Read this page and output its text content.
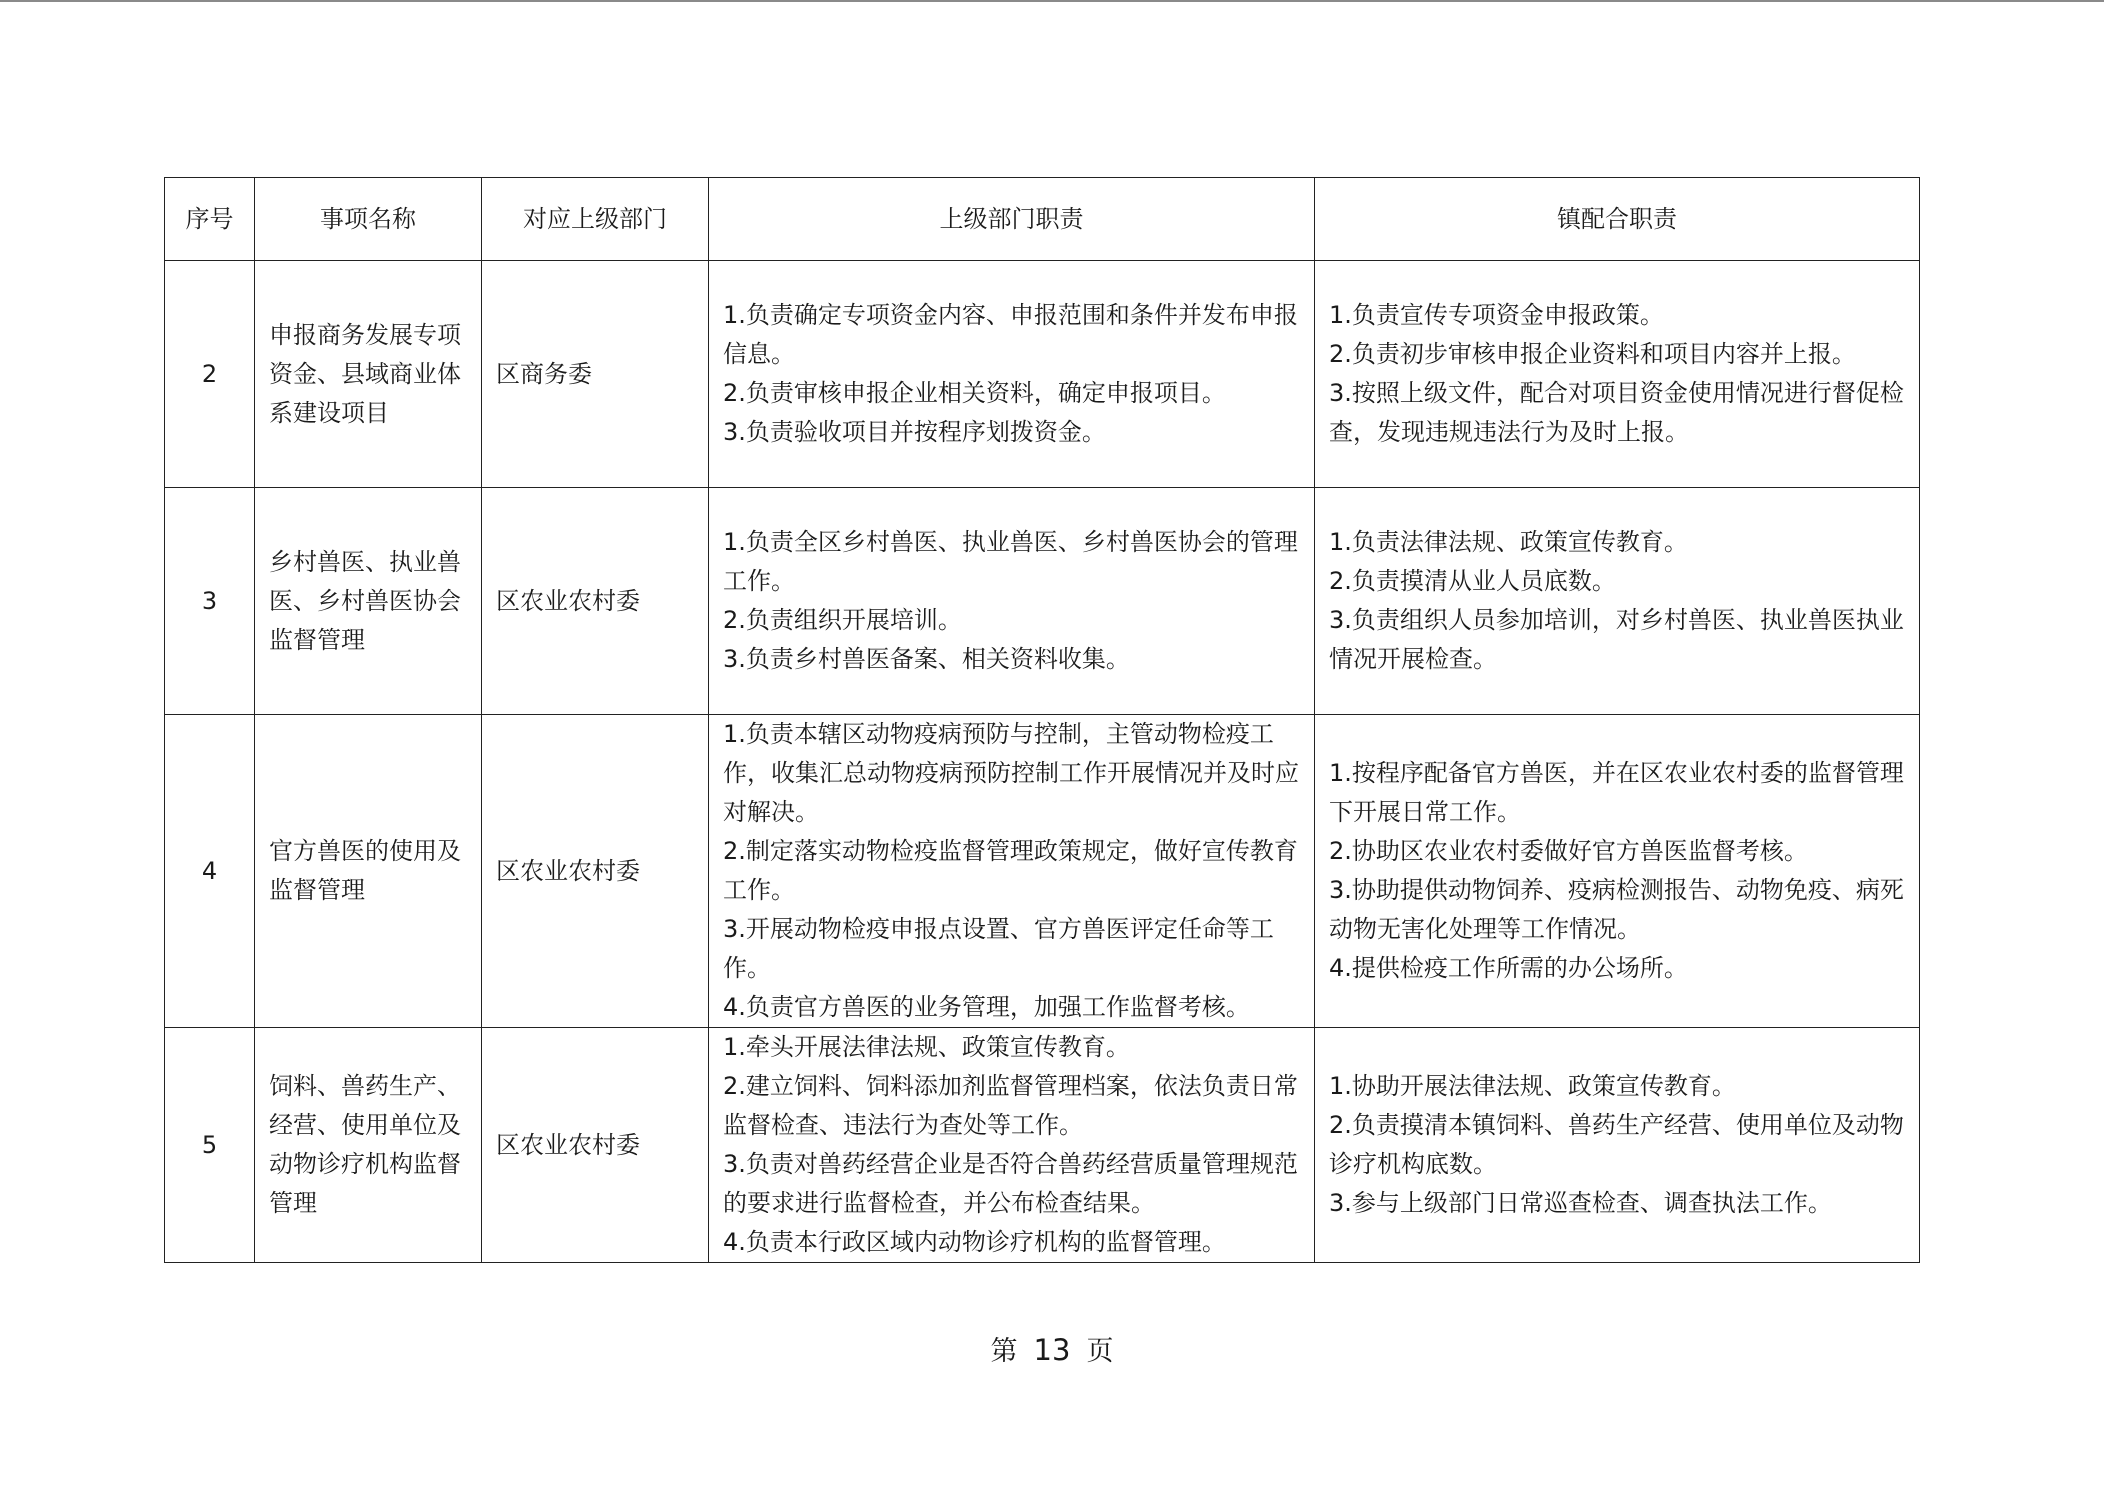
序号	事项名称	对应上级部门	上级部门职责	镇配合职责
2	申报商务发展专项资金、县域商业体系建设项目	区商务委	1.负责确定专项资金内容、申报范围和条件并发布申报信息。
2.负责审核申报企业相关资料，确定申报项目。
3.负责验收项目并按程序划拨资金。	1.负责宣传专项资金申报政策。
2.负责初步审核申报企业资料和项目内容并上报。
3.按照上级文件，配合对项目资金使用情况进行督促检查，发现违规违法行为及时上报。

3	乡村兽医、执业兽医、乡村兽医协会监督管理	区农业农村委	1.负责全区乡村兽医、执业兽医、乡村兽医协会的管理工作。
2.负责组织开展培训。
3.负责乡村兽医备案、相关资料收集。	1.负责法律法规、政策宣传教育。
2.负责摸清从业人员底数。
3.负责组织人员参加培训，对乡村兽医、执业兽医执业情况开展检查。

4	官方兽医的使用及监督管理	区农业农村委	1.负责本辖区动物疫病预防与控制，主管动物检疫工作，收集汇总动物疫病预防控制工作开展情况并及时应对解决。
2.制定落实动物检疫监督管理政策规定，做好宣传教育工作。
3.开展动物检疫申报点设置、官方兽医评定任命等工作。
4.负责官方兽医的业务管理，加强工作监督考核。	1.按程序配备官方兽医，并在区农业农村委的监督管理下开展日常工作。
2.协助区农业农村委做好官方兽医监督考核。
3.协助提供动物饲养、疫病检测报告、动物免疫、病死动物无害化处理等工作情况。
4.提供检疫工作所需的办公场所。

5	饲料、兽药生产、经营、使用单位及动物诊疗机构监督管理	区农业农村委	1.牵头开展法律法规、政策宣传教育。
2.建立饲料、饲料添加剂监督管理档案，依法负责日常监督检查、违法行为查处等工作。
3.负责对兽药经营企业是否符合兽药经营质量管理规范的要求进行监督检查，并公布检查结果。
4.负责本行政区域内动物诊疗机构的监督管理。	1.协助开展法律法规、政策宣传教育。
2.负责摸清本镇饲料、兽药生产经营、使用单位及动物诊疗机构底数。
3.参与上级部门日常巡查检查、调查执法工作。
第 13 页
